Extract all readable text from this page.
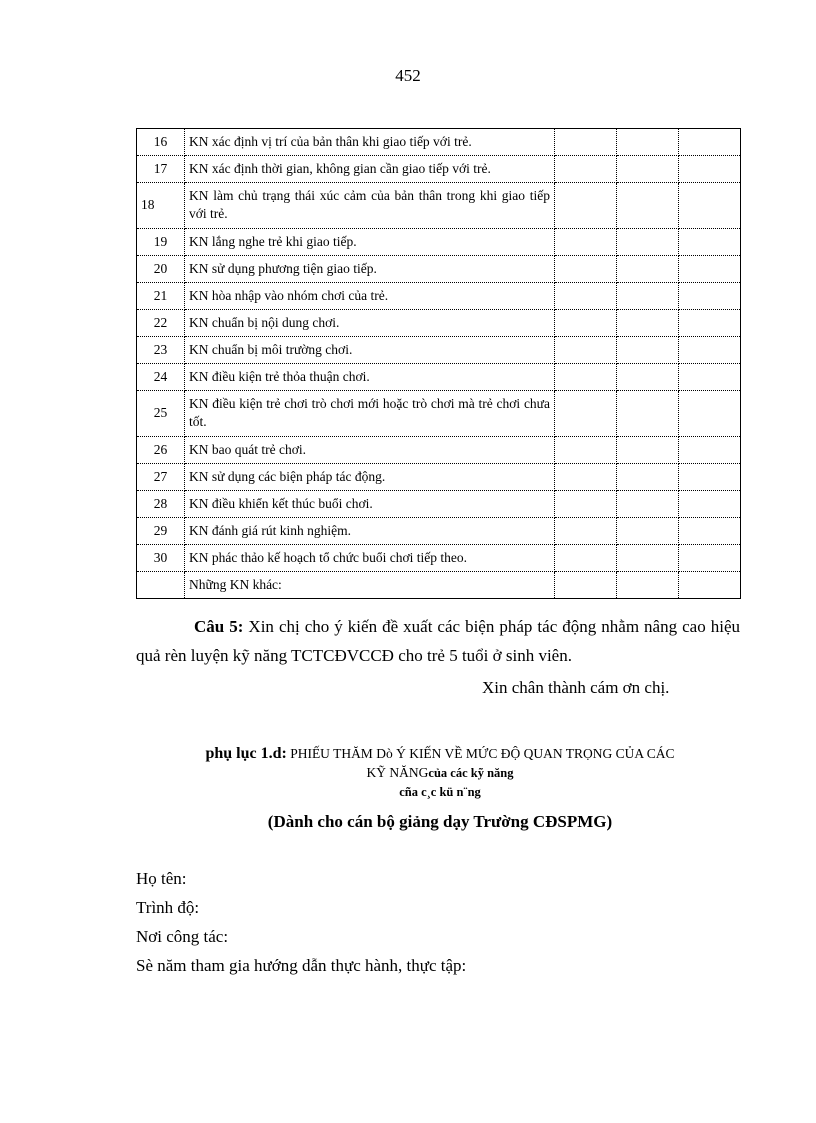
452
16	KN xác định vị trí của bản thân khi giao tiếp với trẻ.			
17	KN xác định thời gian, không gian cần giao tiếp với trẻ.			
18	KN làm chủ trạng thái xúc cảm của bản thân trong khi giao tiếp với trẻ.			
19	KN lắng nghe trẻ khi giao tiếp.			
20	KN sử dụng phương tiện giao tiếp.			
21	KN hòa nhập vào nhóm chơi của trẻ.			
22	KN chuẩn bị nội dung chơi.			
23	KN chuẩn bị môi trường chơi.			
24	KN điều kiện trẻ thỏa thuận chơi.			
25	KN điều kiện trẻ chơi trò chơi mới hoặc trò chơi mà trẻ chơi chưa tốt.			
26	KN bao quát trẻ chơi.			
27	KN sử dụng các biện pháp tác động.			
28	KN điều khiển kết thúc buổi chơi.			
29	KN đánh giá rút kinh nghiệm.			
30	KN phác thảo kế hoạch tổ chức buổi chơi tiếp theo.			
	Những KN khác:			

Câu 5: Xin chị cho ý kiến đề xuất các biện pháp tác động nhằm nâng cao hiệu quả rèn luyện kỹ năng TCTCĐVCCĐ cho trẻ 5 tuổi ở sinh viên.

Xin chân thành cám ơn chị.
phụ lục 1.d: PHIẾU THĂM Dò Ý KIẾN VỀ MỨC ĐỘ QUAN TRỌNG CỦA CÁC
KỸ NĂNGcủa các kỹ năng
cña c¸c kü n¨ng
(Dành cho cán bộ giảng dạy Trường CĐSPMG)
Họ tên:
Trình độ:
Nơi công tác:
Sè năm tham gia hướng dẫn thực hành, thực tập:
